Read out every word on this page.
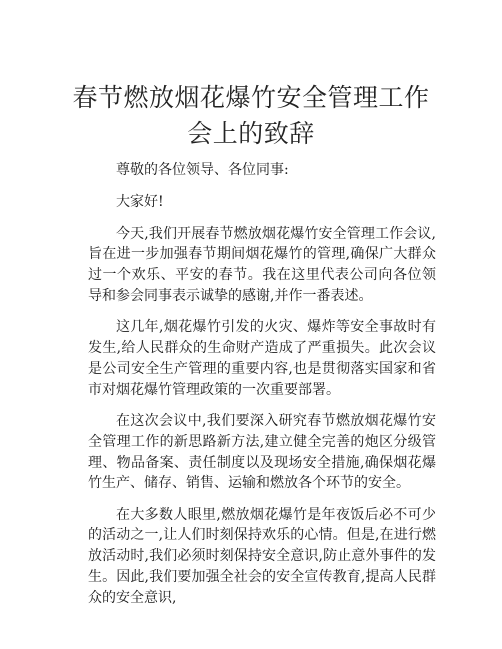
春节燃放烟花爆竹安全管理工作会上的致辞

尊敬的各位领导、各位同事:

大家好!

今天,我们开展春节燃放烟花爆竹安全管理工作会议,旨在进一步加强春节期间烟花爆竹的管理,确保广大群众过一个欢乐、平安的春节。我在这里代表公司向各位领导和参会同事表示诚挚的感谢,并作一番表述。

这几年,烟花爆竹引发的火灾、爆炸等安全事故时有发生,给人民群众的生命财产造成了严重损失。此次会议是公司安全生产管理的重要内容,也是贯彻落实国家和省市对烟花爆竹管理政策的一次重要部署。

在这次会议中,我们要深入研究春节燃放烟花爆竹安全管理工作的新思路新方法,建立健全完善的炮区分级管理、物品备案、责任制度以及现场安全措施,确保烟花爆竹生产、储存、销售、运输和燃放各个环节的安全。

在大多数人眼里,燃放烟花爆竹是年夜饭后必不可少的活动之一,让人们时刻保持欢乐的心情。但是,在进行燃放活动时,我们必须时刻保持安全意识,防止意外事件的发生。因此,我们要加强全社会的安全宣传教育,提高人民群众的安全意识,
